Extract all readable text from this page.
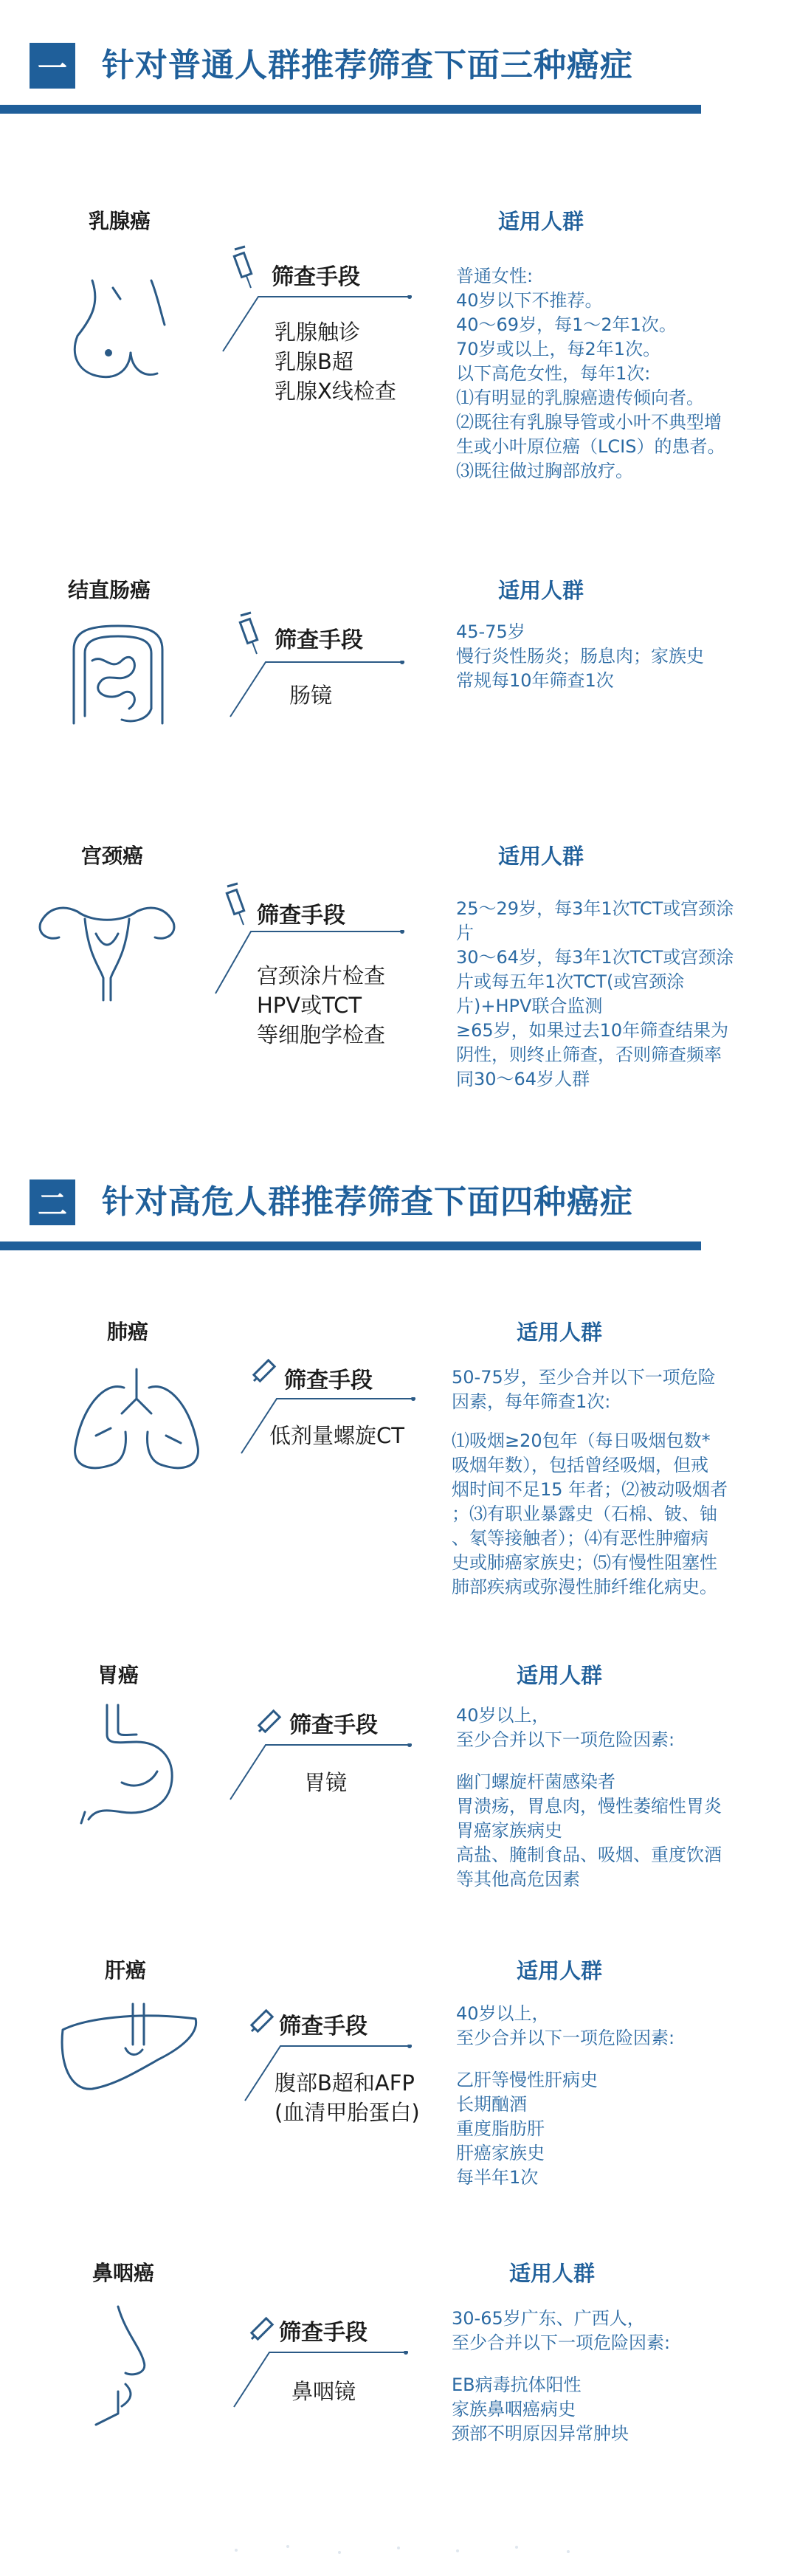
一 针对普通人群推荐筛查下面三种癌症
乳腺癌
筛查手段
乳腺触诊
乳腺B超
乳腺X线检查
适用人群
普通女性:
40岁以下不推荐。
40～69岁，每1～2年1次。
70岁或以上，每2年1次。
以下高危女性，每年1次:
⑴有明显的乳腺癌遗传倾向者。
⑵既往有乳腺导管或小叶不典型增
生或小叶原位癌（LCIS）的患者。
⑶既往做过胸部放疗。
结直肠癌
筛查手段
肠镜
适用人群
45-75岁
慢行炎性肠炎；肠息肉；家族史
常规每10年筛查1次
宫颈癌
筛查手段
宫颈涂片检查
HPV或TCT
等细胞学检查
适用人群
25～29岁，每3年1次TCT或宫颈涂
片
30～64岁，每3年1次TCT或宫颈涂
片或每五年1次TCT(或宫颈涂
片)+HPV联合监测
≥65岁，如果过去10年筛查结果为
阴性，则终止筛查，否则筛查频率
同30～64岁人群
二 针对高危人群推荐筛查下面四种癌症
肺癌
筛查手段
低剂量螺旋CT
适用人群
50-75岁，至少合并以下一项危险
因素，每年筛查1次:
⑴吸烟≥20包年（每日吸烟包数*
吸烟年数），包括曾经吸烟，但戒
烟时间不足15 年者；⑵被动吸烟者
；⑶有职业暴露史（石棉、铍、铀
、氡等接触者）；⑷有恶性肿瘤病
史或肺癌家族史；⑸有慢性阻塞性
肺部疾病或弥漫性肺纤维化病史。
胃癌
筛查手段
胃镜
适用人群
40岁以上，
至少合并以下一项危险因素:
幽门螺旋杆菌感染者
胃溃疡，胃息肉，慢性萎缩性胃炎
胃癌家族病史
高盐、腌制食品、吸烟、重度饮酒
等其他高危因素
肝癌
筛查手段
腹部B超和AFP
(血清甲胎蛋白)
适用人群
40岁以上，
至少合并以下一项危险因素:
乙肝等慢性肝病史
长期酗酒
重度脂肪肝
肝癌家族史
每半年1次
鼻咽癌
筛查手段
鼻咽镜
适用人群
30-65岁广东、广西人，
至少合并以下一项危险因素:
EB病毒抗体阳性
家族鼻咽癌病史
颈部不明原因异常肿块
